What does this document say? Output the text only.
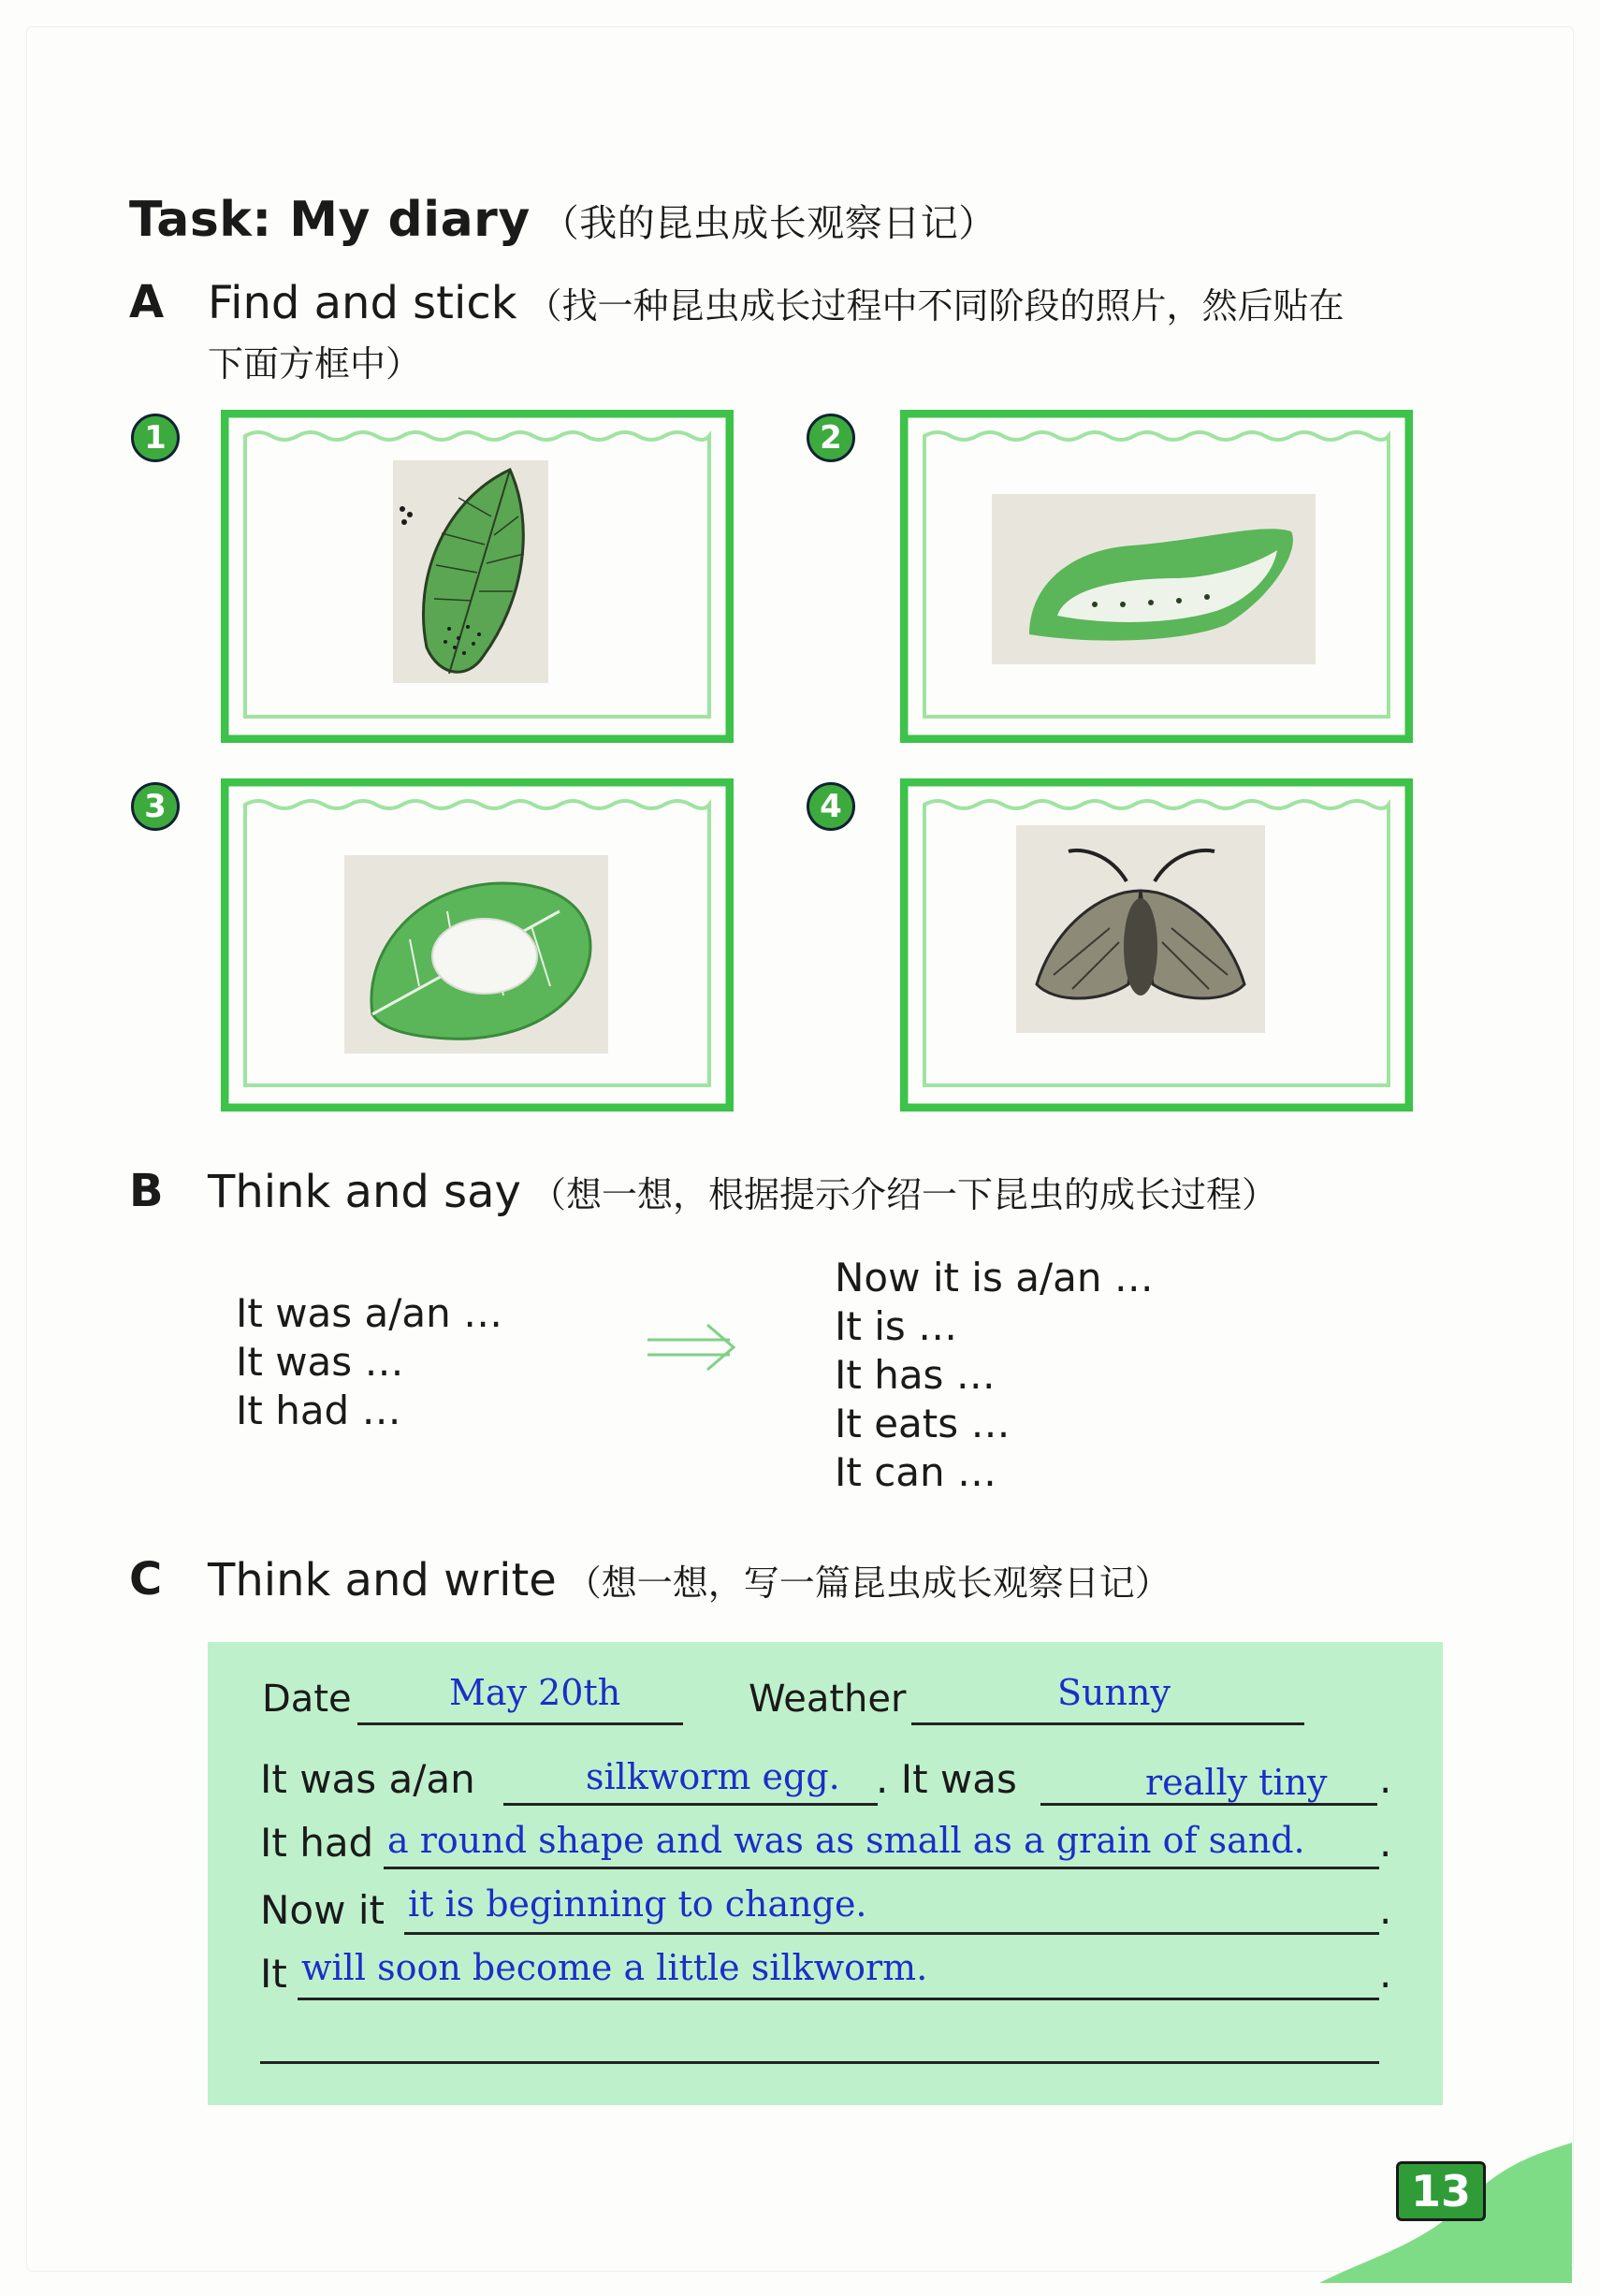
Task: My diary （我的昆虫成长观察日记）
A Find and stick （找一种昆虫成长过程中不同阶段的照片，然后贴在
下面方框中）
1	2
3	4
B Think and say （想一想，根据提示介绍一下昆虫的成长过程）
It was a/an …
It was …
It had …
Now it is a/an …
It is …
It has …
It eats …
It can …
C Think and write （想一想，写一篇昆虫成长观察日记）
Date	May 20th	Weather	Sunny
It was a/an	silkworm egg. . It was	really tiny .
It had a round shape and was as small as a grain of sand. .
Now it it is beginning to change.	.
It will soon become a little silkworm.	.
13
